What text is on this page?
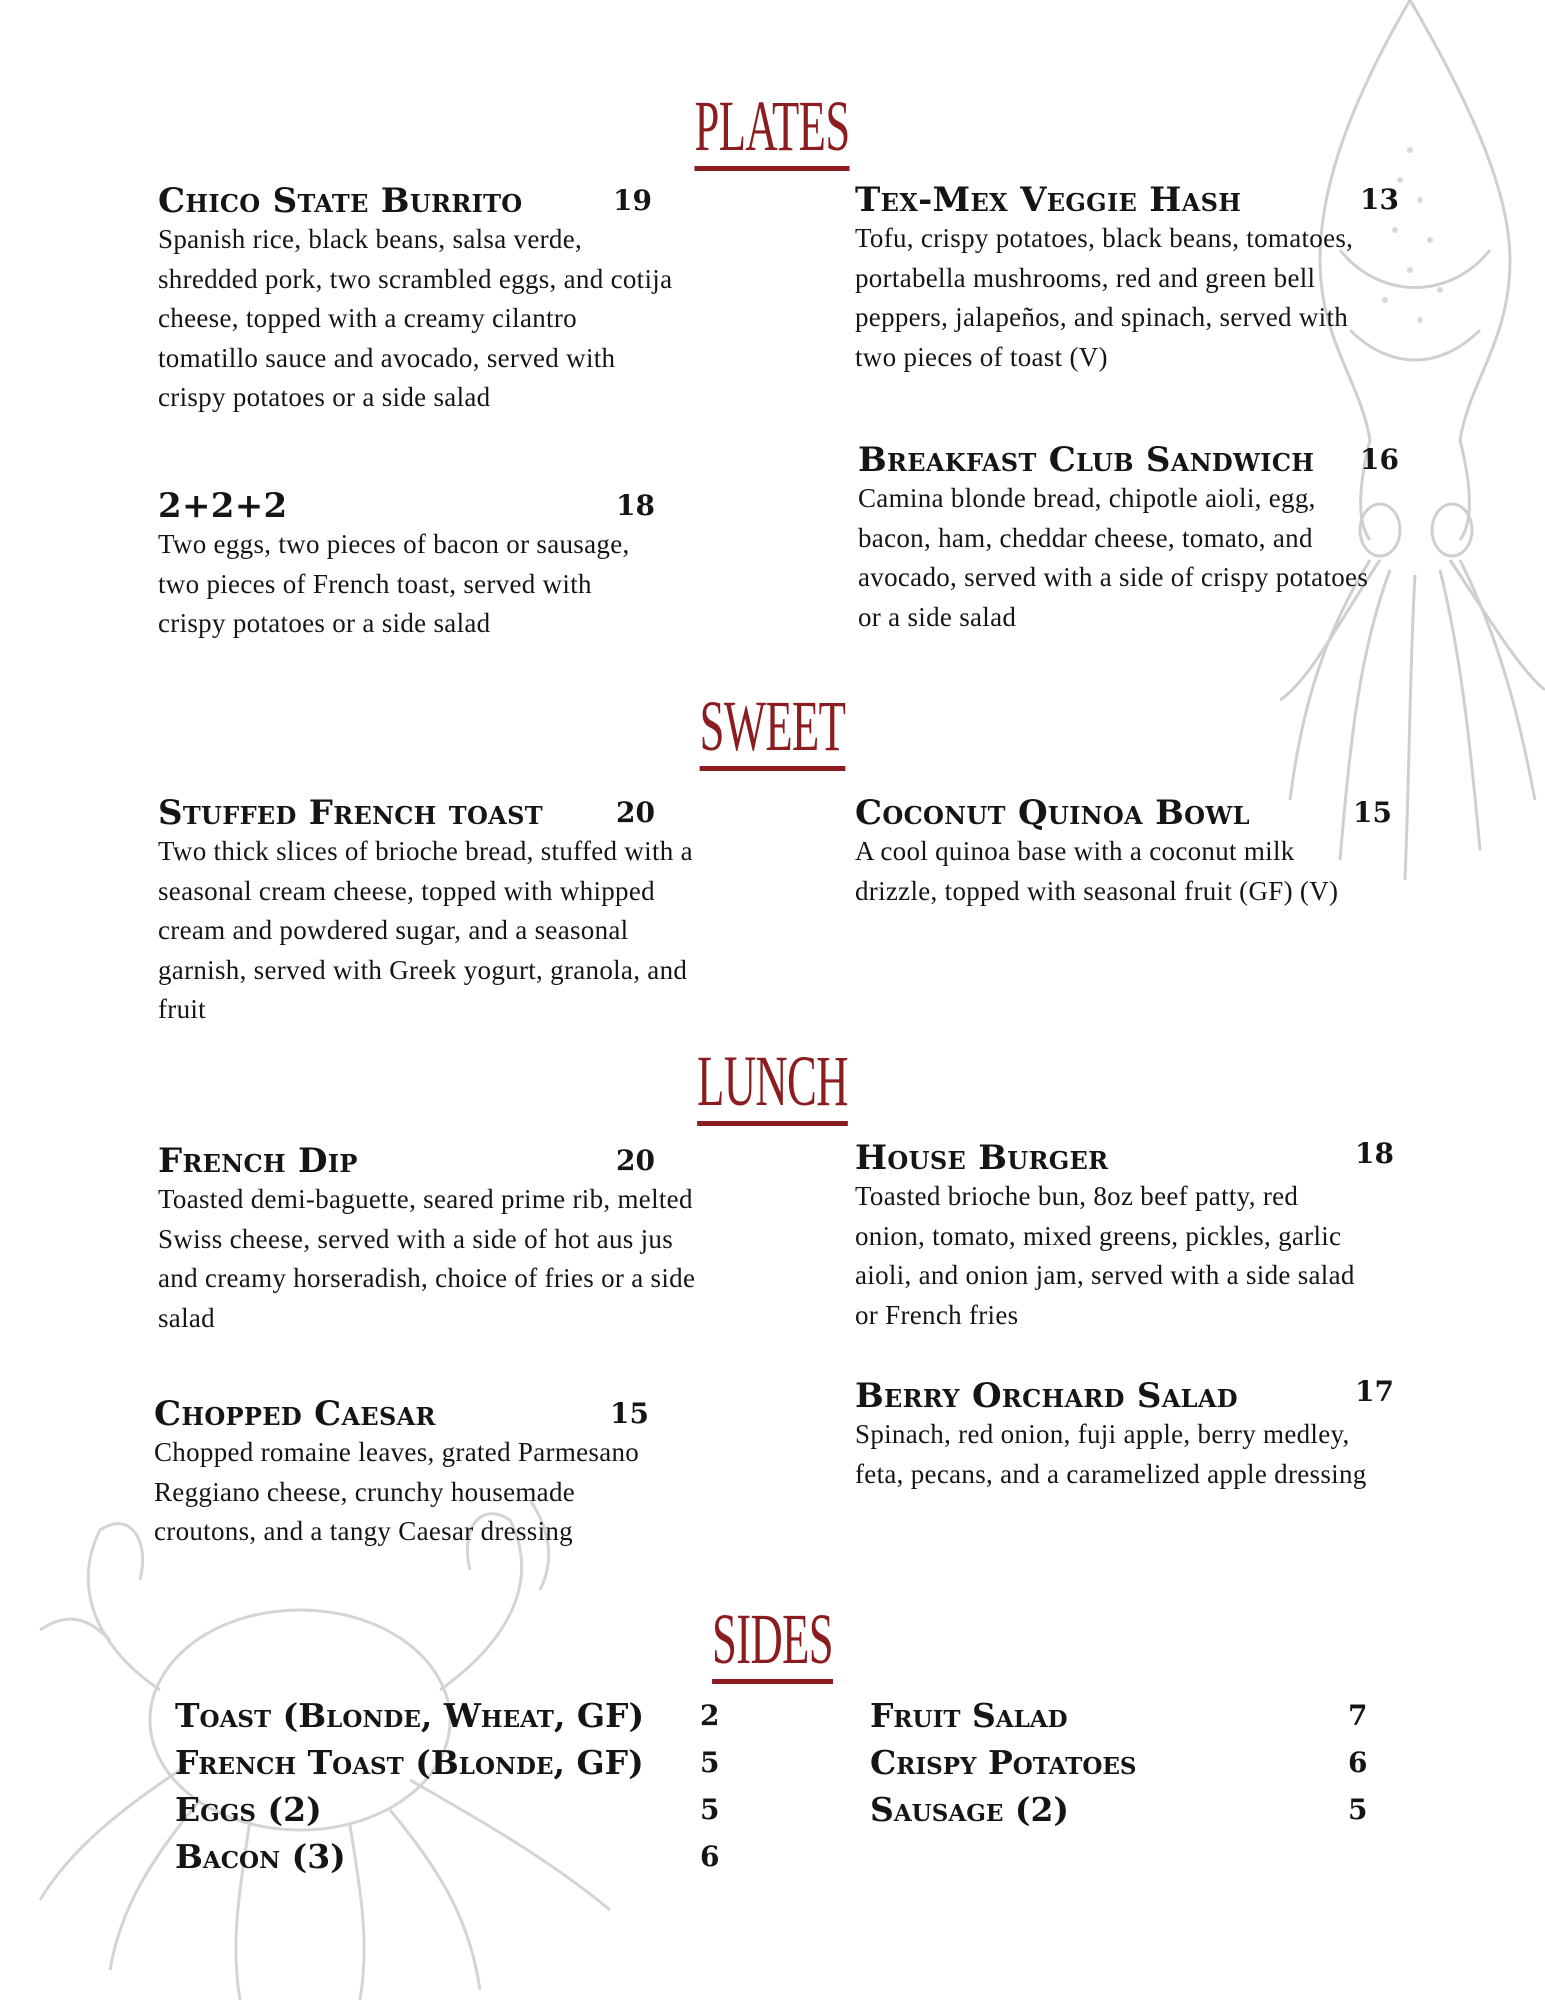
PLATES
Chico State Burrito	19
Spanish rice, black beans, salsa verde, shredded pork, two scrambled eggs, and cotija cheese, topped with a creamy cilantro tomatillo sauce and avocado, served with crispy potatoes or a side salad
2+2+2	18
Two eggs, two pieces of bacon or sausage, two pieces of French toast, served with crispy potatoes or a side salad
Tex-Mex Veggie Hash	13
Tofu, crispy potatoes, black beans, tomatoes, portabella mushrooms, red and green bell peppers, jalapeños, and spinach, served with two pieces of toast (V)
Breakfast Club Sandwich	16
Camina blonde bread, chipotle aioli, egg, bacon, ham, cheddar cheese, tomato, and avocado, served with a side of crispy potatoes or a side salad
SWEET
Stuffed French toast	20
Two thick slices of brioche bread, stuffed with a seasonal cream cheese, topped with whipped cream and powdered sugar, and a seasonal garnish, served with Greek yogurt, granola, and fruit
Coconut Quinoa Bowl	15
A cool quinoa base with a coconut milk drizzle, topped with seasonal fruit (GF) (V)
LUNCH
French Dip	20
Toasted demi-baguette, seared prime rib, melted Swiss cheese, served with a side of hot aus jus and creamy horseradish, choice of fries or a side salad
Chopped Caesar	15
Chopped romaine leaves, grated Parmesano Reggiano cheese, crunchy housemade croutons, and a tangy Caesar dressing
House Burger	18
Toasted brioche bun, 8oz beef patty, red onion, tomato, mixed greens, pickles, garlic aioli, and onion jam, served with a side salad or French fries
Berry Orchard Salad	17
Spinach, red onion, fuji apple, berry medley, feta, pecans, and a caramelized apple dressing
SIDES
Toast (Blonde, Wheat, GF) 2
French Toast (Blonde, GF) 5
Eggs (2)	5
Bacon (3)	6
Fruit Salad	7
Crispy Potatoes	6
Sausage (2)	5
